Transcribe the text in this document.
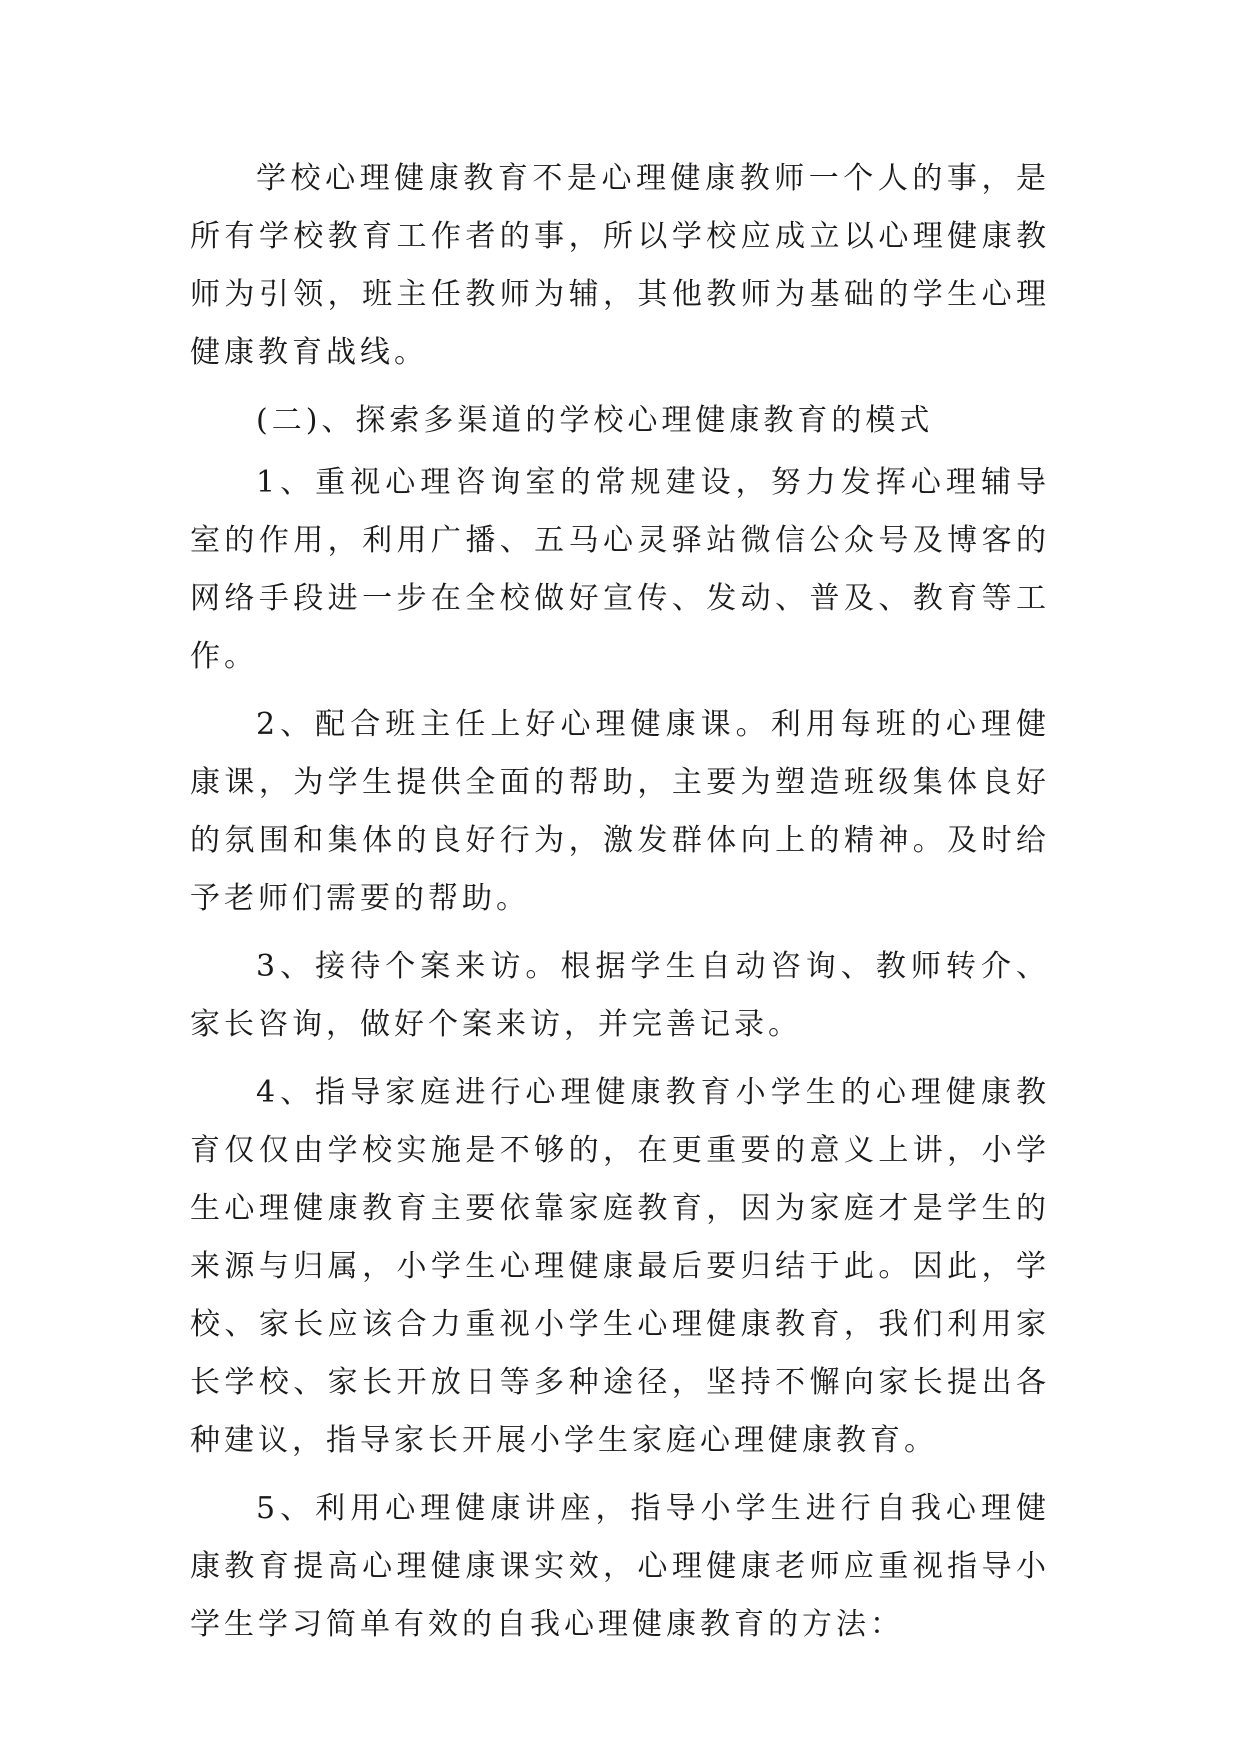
学校心理健康教育不是心理健康教师一个人的事，是所有学校教育工作者的事，所以学校应成立以心理健康教师为引领，班主任教师为辅，其他教师为基础的学生心理健康教育战线。

(二)、探索多渠道的学校心理健康教育的模式

1、重视心理咨询室的常规建设，努力发挥心理辅导室的作用，利用广播、五马心灵驿站微信公众号及博客的网络手段进一步在全校做好宣传、发动、普及、教育等工作。

2、配合班主任上好心理健康课。利用每班的心理健康课，为学生提供全面的帮助，主要为塑造班级集体良好的氛围和集体的良好行为，激发群体向上的精神。及时给予老师们需要的帮助。

3、接待个案来访。根据学生自动咨询、教师转介、家长咨询，做好个案来访，并完善记录。

4、指导家庭进行心理健康教育小学生的心理健康教育仅仅由学校实施是不够的，在更重要的意义上讲，小学生心理健康教育主要依靠家庭教育，因为家庭才是学生的来源与归属，小学生心理健康最后要归结于此。因此，学校、家长应该合力重视小学生心理健康教育，我们利用家长学校、家长开放日等多种途径，坚持不懈向家长提出各种建议，指导家长开展小学生家庭心理健康教育。

5、利用心理健康讲座，指导小学生进行自我心理健康教育提高心理健康课实效，心理健康老师应重视指导小学生学习简单有效的自我心理健康教育的方法：
